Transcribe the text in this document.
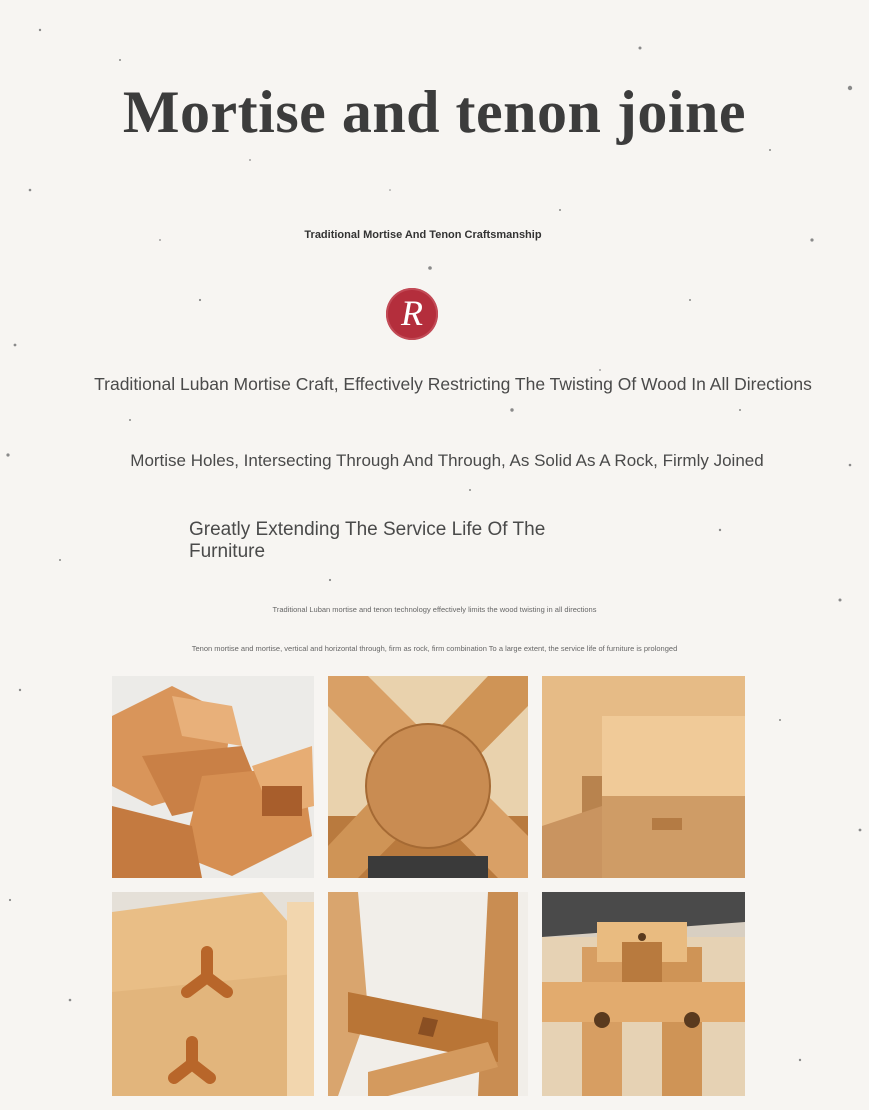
Mortise and tenon joine
Traditional Mortise And Tenon Craftsmanship
R
Traditional Luban Mortise Craft, Effectively Restricting The Twisting Of Wood In All Directions
Mortise Holes, Intersecting Through And Through, As Solid As A Rock, Firmly Joined
Greatly Extending The Service Life Of The Furniture
Traditional Luban mortise and tenon technology effectively limits the wood twisting in all directions
Tenon mortise and mortise, vertical and horizontal through, firm as rock, firm combination To a large extent, the service life of furniture is prolonged
